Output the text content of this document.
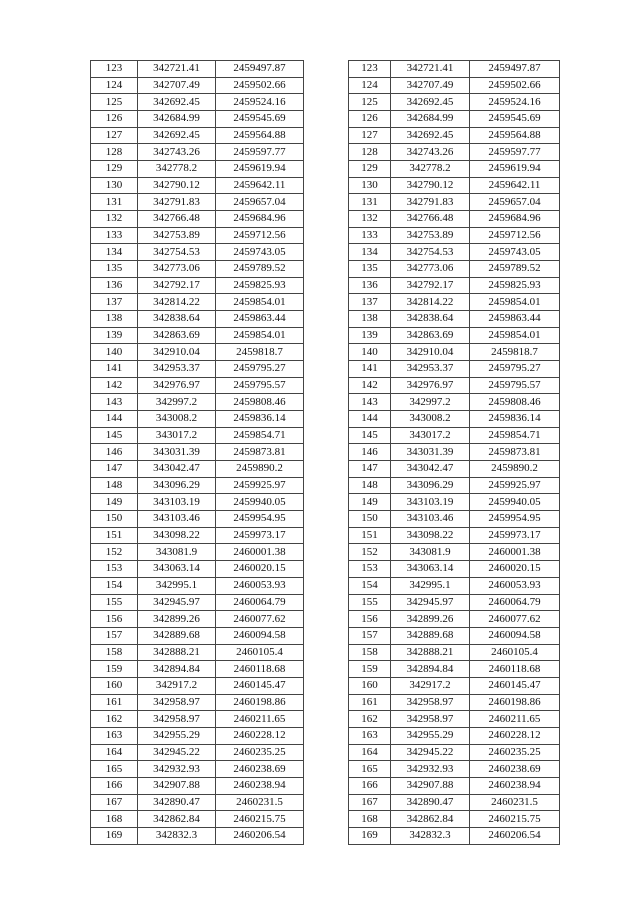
123	342721.41	2459497.87
124	342707.49	2459502.66
125	342692.45	2459524.16
126	342684.99	2459545.69
127	342692.45	2459564.88
128	342743.26	2459597.77
129	342778.2	2459619.94
130	342790.12	2459642.11
131	342791.83	2459657.04
132	342766.48	2459684.96
133	342753.89	2459712.56
134	342754.53	2459743.05
135	342773.06	2459789.52
136	342792.17	2459825.93
137	342814.22	2459854.01
138	342838.64	2459863.44
139	342863.69	2459854.01
140	342910.04	2459818.7
141	342953.37	2459795.27
142	342976.97	2459795.57
143	342997.2	2459808.46
144	343008.2	2459836.14
145	343017.2	2459854.71
146	343031.39	2459873.81
147	343042.47	2459890.2
148	343096.29	2459925.97
149	343103.19	2459940.05
150	343103.46	2459954.95
151	343098.22	2459973.17
152	343081.9	2460001.38
153	343063.14	2460020.15
154	342995.1	2460053.93
155	342945.97	2460064.79
156	342899.26	2460077.62
157	342889.68	2460094.58
158	342888.21	2460105.4
159	342894.84	2460118.68
160	342917.2	2460145.47
161	342958.97	2460198.86
162	342958.97	2460211.65
163	342955.29	2460228.12
164	342945.22	2460235.25
165	342932.93	2460238.69
166	342907.88	2460238.94
167	342890.47	2460231.5
168	342862.84	2460215.75
169	342832.3	2460206.54
123	342721.41	2459497.87
124	342707.49	2459502.66
125	342692.45	2459524.16
126	342684.99	2459545.69
127	342692.45	2459564.88
128	342743.26	2459597.77
129	342778.2	2459619.94
130	342790.12	2459642.11
131	342791.83	2459657.04
132	342766.48	2459684.96
133	342753.89	2459712.56
134	342754.53	2459743.05
135	342773.06	2459789.52
136	342792.17	2459825.93
137	342814.22	2459854.01
138	342838.64	2459863.44
139	342863.69	2459854.01
140	342910.04	2459818.7
141	342953.37	2459795.27
142	342976.97	2459795.57
143	342997.2	2459808.46
144	343008.2	2459836.14
145	343017.2	2459854.71
146	343031.39	2459873.81
147	343042.47	2459890.2
148	343096.29	2459925.97
149	343103.19	2459940.05
150	343103.46	2459954.95
151	343098.22	2459973.17
152	343081.9	2460001.38
153	343063.14	2460020.15
154	342995.1	2460053.93
155	342945.97	2460064.79
156	342899.26	2460077.62
157	342889.68	2460094.58
158	342888.21	2460105.4
159	342894.84	2460118.68
160	342917.2	2460145.47
161	342958.97	2460198.86
162	342958.97	2460211.65
163	342955.29	2460228.12
164	342945.22	2460235.25
165	342932.93	2460238.69
166	342907.88	2460238.94
167	342890.47	2460231.5
168	342862.84	2460215.75
169	342832.3	2460206.54
